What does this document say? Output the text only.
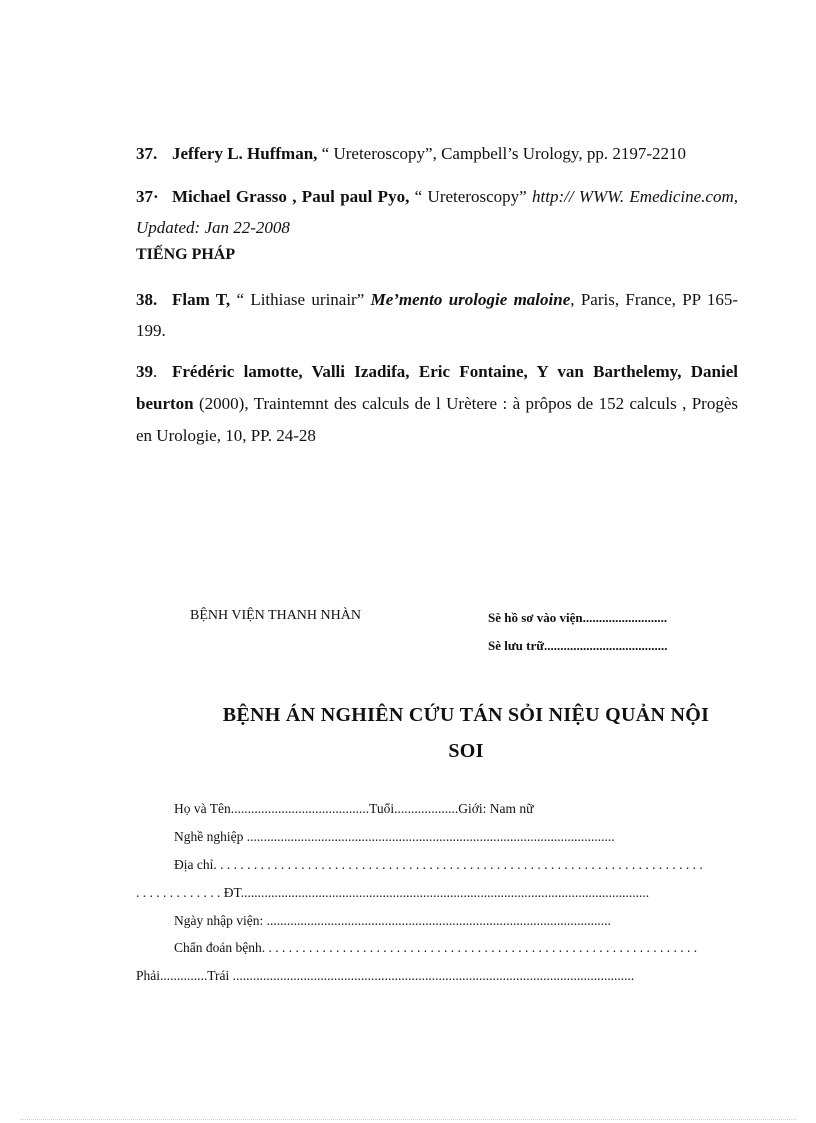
37. Jeffery L. Huffman, “ Ureteroscopy”, Campbell’s Urology, pp. 2197-2210
37· Michael Grasso , Paul paul Pyo, “ Ureteroscopy” http:// WWW. Emedicine.com, Updated: Jan 22-2008
TIẾNG PHÁP
38. Flam T, “ Lithiase urinair” Me’mento urologie maloine, Paris, France, PP 165-199.
39. Frédéric lamotte, Valli Izadifa, Eric Fontaine, Y van Barthelemy, Daniel beurton (2000), Traintemnt des calculs de l Urètere : à prôpos de 152 calculs , Progès en Urologie, 10, PP. 24-28
BỆNH VIỆN THANH NHÀN	Sè hồ sơ vào viện..........................
Sè lưu trữ......................................
BỆNH ÁN NGHIÊN CỨU TÁN SỎI NIỆU QUẢN NỘI
SOI
Họ và Tên.........................................Tuổi...................Giới: Nam nữ
Nghề nghiệp .............................................................................................................
Địa chỉ. . . . . . . . . . . . . . . . . . . . . . . . . . . . . . . . . . . . . . . . . . . . . . . . . . . . . . . . . . . . . . . . . . . . . . . . .
. . . . . . . . . . . . . ĐT.........................................................................................................................
Ngày nhập viện: ......................................................................................................
Chẩn đoán bệnh. . . . . . . . . . . . . . . . . . . . . . . . . . . . . . . . . . . . . . . . . . . . . . . . . . . . . . . . . . . . . . . . .
Phải..............Trái .......................................................................................................................
